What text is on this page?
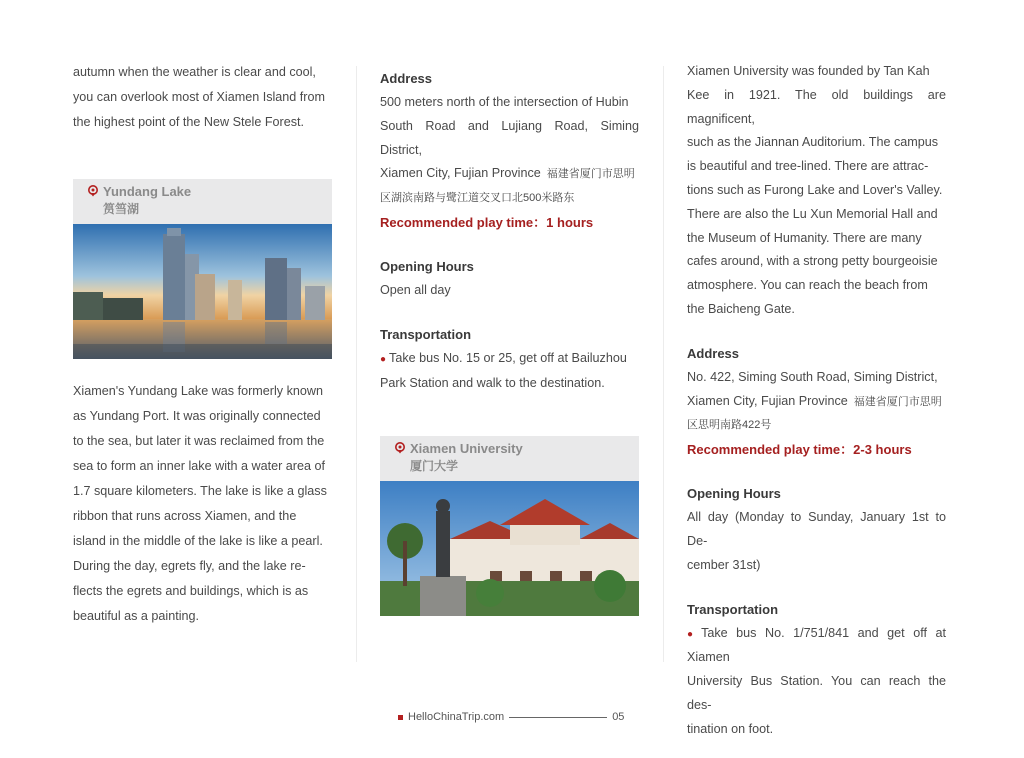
autumn when the weather is clear and cool,

you can overlook most of Xiamen Island from

the highest point of the New Stele Forest.

Yundang Lake
筼筜湖

Xiamen's Yundang Lake was formerly known

as Yundang Port. It was originally connected

to the sea, but later it was reclaimed from the

sea to form an inner lake with a water area of

1.7 square kilometers. The lake is like a glass

ribbon that runs across Xiamen, and the

island in the middle of the lake is like a pearl.

During the day, egrets fly, and the lake re-

flects the egrets and buildings, which is as

beautiful as a painting.

Address

500 meters north of the intersection of Hubin

South Road and Lujiang Road, Siming District,

Xiamen City, Fujian Province 福建省厦门市思明

区湖滨南路与鹭江道交叉口北500米路东

Recommended play time：1 hours

Opening Hours

Open all day

Transportation

● Take bus No. 15 or 25, get off at Bailuzhou

Park Station and walk to the destination.

Xiamen University
厦门大学

Xiamen University was founded by Tan Kah

Kee in 1921. The old buildings are magnificent,

such as the Jiannan Auditorium. The campus

is beautiful and tree-lined. There are attrac-

tions such as Furong Lake and Lover's Valley.

There are also the Lu Xun Memorial Hall and

the Museum of Humanity. There are many

cafes around, with a strong petty bourgeoisie

atmosphere. You can reach the beach from

the Baicheng Gate.

Address

No. 422, Siming South Road, Siming District,

Xiamen City, Fujian Province 福建省厦门市思明

区思明南路422号

Recommended play time：2-3 hours

Opening Hours

All day (Monday to Sunday, January 1st to De-

cember 31st)

Transportation

● Take bus No. 1/751/841 and get off at Xiamen

University Bus Station. You can reach the des-

tination on foot.

HelloChinaTrip.com	05
